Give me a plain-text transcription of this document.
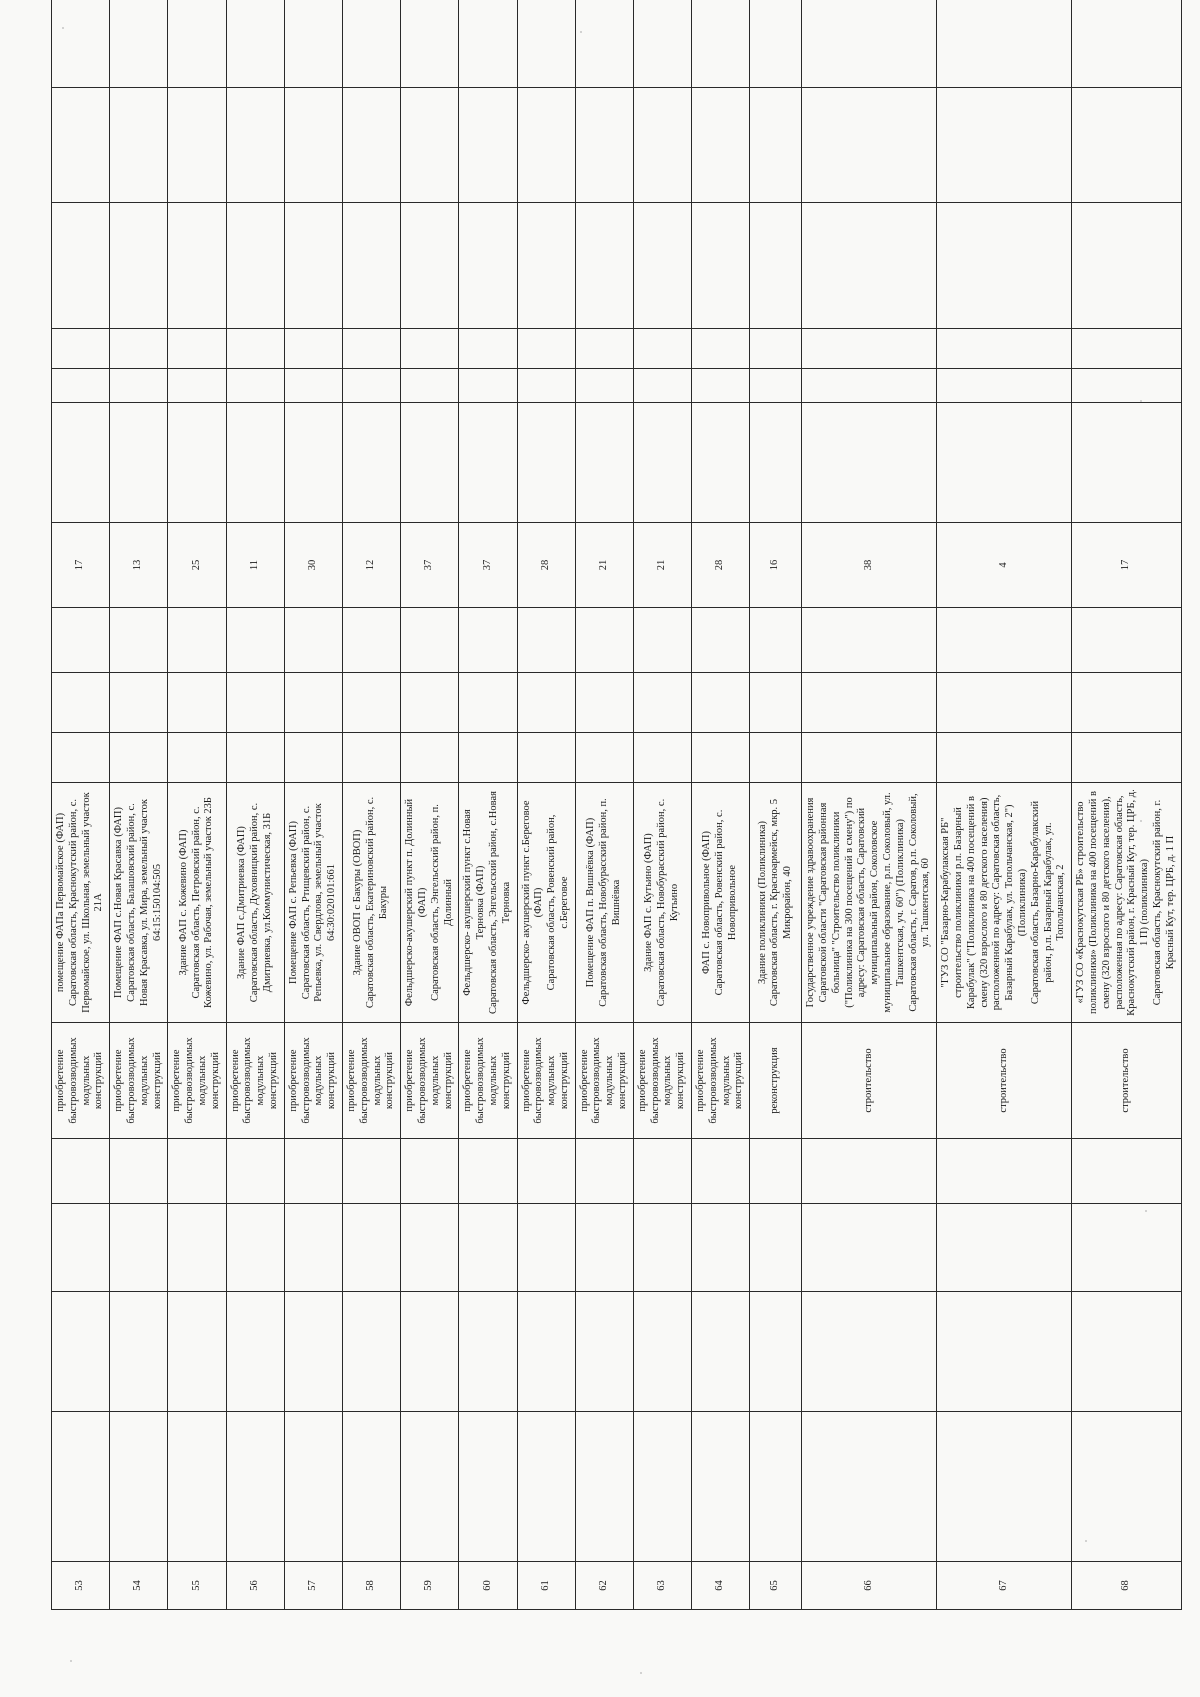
53					приобретение быстровозводимых модульных конструкций	помещение ФАПа Первомайское (ФАП) Саратовская область, Краснокутский район, с. Первомайское, ул. Школьная, земельный участок 21А				17						
54					приобретение быстровозводимых модульных конструкций	Помещение ФАП с.Новая Красавка (ФАП) Саратовская область, Балашовский район, с. Новая Красавка, ул. Мира, земельный участок 64:15:150104:505				13						
55					приобретение быстровозводимых модульных конструкций	Здание ФАП с. Кожевино (ФАП) Саратовская область, Петровский район, с. Кожевино, ул. Рабочая, земельный участок 23Б				25						
56					приобретение быстровозводимых модульных конструкций	Здание ФАП с.Дмитриевка (ФАП) Саратовская область, Духовницкий район, с. Дмитриевка, ул.Коммунистическая, 31Б				11						
57					приобретение быстровозводимых модульных конструкций	Помещение ФАП с. Репьевка (ФАП) Саратовская область, Ртищевский район, с. Репьевка, ул. Свердлова, земельный участок 64:30:020101:661				30						
58					приобретение быстровозводимых модульных конструкций	Здание ОВОП с Бакуры (ОВОП) Саратовская область, Екатериновский район, с. Бакуры				12						
59					приобретение быстровозводимых модульных конструкций	Фельдшерско-акушерский пункт п. Долинный (ФАП) Саратовская область, Энгельсский район, п. Долинный				37						
60					приобретение быстровозводимых модульных конструкций	Фельдшерско- акушерский пункт с.Новая Терновка (ФАП) Саратовская область, Энгельсский район, с.Новая Терновка				37						
61					приобретение быстровозводимых модульных конструкций	Фельдшерско- акушерский пункт с.Береговое (ФАП) Саратовская область, Ровенский район, с.Береговое				28						
62					приобретение быстровозводимых модульных конструкций	Помещение ФАП п. Вишнёвка (ФАП) Саратовская область, Новобурасский район, п. Вишнёвка				21						
63					приобретение быстровозводимых модульных конструкций	Здание ФАП с. Кутьино (ФАП) Саратовская область, Новобурасский район, с. Кутьино				21						
64					приобретение быстровозводимых модульных конструкций	ФАП с. Новопривольное (ФАП) Саратовская область, Ровенский район, с. Новопривольное				28						
65					реконструкция	Здание поликлиники (Поликлиника) Саратовская область, г. Красноармейск, мкр. 5 Микрорайон, 40				16						
66					строительство	Государственное учреждение здравоохранения Саратовской области "Саратовская районная больница" "Строительство поликлиники ("Поликлиника на 300 посещений в смену") по адресу: Саратовская область, Саратовский муниципальный район, Соколовское муниципальное образование, р.п. Соколовый, ул. Ташкентская, уч. 60") (Поликлиника) Саратовская область, г. Саратов, р.п. Соколовый, ул. Ташкентская, 60				38						
67					строительство	"ГУЗ СО "Базарно-Карабулакская РБ" строительство поликлиники р.п. Базарный Карабулак" ("Поликлиника на 400 посещений в смену (320 взрослого и 80 детского населения) расположенной по адресу: Саратовская область, Базарный Карабулак, ул. Топольчанская, 2") (Поликлиника) Саратовская область, Базарно-Карабулакский район, р.п. Базарный Карабулак, ул. Топольчанская, 2				4						
68					строительство	«ГУЗ СО «Краснокутская РБ» строительство поликлиники» (Поликлиника на 400 посещений в смену (320 взрослого и 80 детского населения), расположенная по адресу: Саратовская область, Краснокутский район, г. Красный Кут, тер. ЦРБ, д. 1 П) (поликлиника) Саратовская область, Краснокутский район, г. Красный Кут, тер. ЦРБ, д. 1 П				17						
